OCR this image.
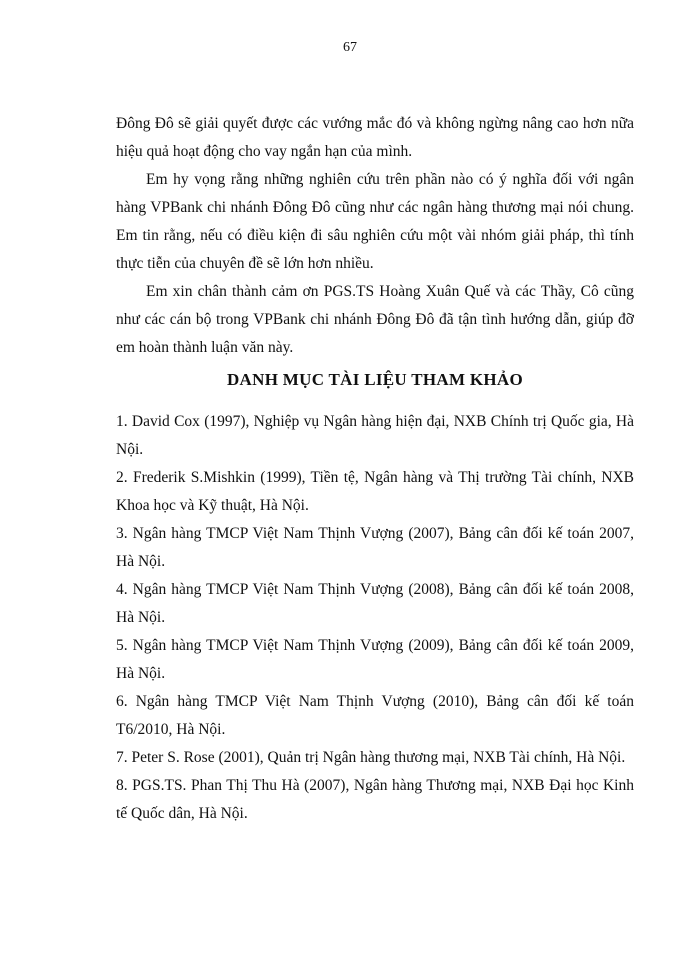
67

Đông Đô sẽ giải quyết được các vướng mắc đó và không ngừng nâng cao hơn nữa hiệu quả hoạt động cho vay ngắn hạn của mình.

Em hy vọng rằng những nghiên cứu trên phần nào có ý nghĩa đối với ngân hàng VPBank chi nhánh Đông Đô cũng như các ngân hàng thương mại nói chung. Em tin rằng, nếu có điều kiện đi sâu nghiên cứu một vài nhóm giải pháp, thì tính thực tiễn của chuyên đề sẽ lớn hơn nhiều.

Em xin chân thành cảm ơn PGS.TS Hoàng Xuân Quế và các Thầy, Cô cũng như các cán bộ trong VPBank chi nhánh Đông Đô đã tận tình hướng dẫn, giúp đỡ em hoàn thành luận văn này.

DANH MỤC TÀI LIỆU THAM KHẢO
1. David Cox (1997), Nghiệp vụ Ngân hàng hiện đại, NXB Chính trị Quốc gia, Hà Nội.
2. Frederik S.Mishkin (1999), Tiền tệ, Ngân hàng và Thị trường Tài chính, NXB Khoa học và Kỹ thuật, Hà Nội.
3. Ngân hàng TMCP Việt Nam Thịnh Vượng (2007), Bảng cân đối kế toán 2007, Hà Nội.
4. Ngân hàng TMCP Việt Nam Thịnh Vượng (2008), Bảng cân đối kế toán 2008, Hà Nội.
5. Ngân hàng TMCP Việt Nam Thịnh Vượng (2009), Bảng cân đối kế toán 2009, Hà Nội.
6. Ngân hàng TMCP Việt Nam Thịnh Vượng (2010), Bảng cân đối kế toán T6/2010, Hà Nội.
7. Peter S. Rose (2001), Quản trị Ngân hàng thương mại, NXB Tài chính, Hà Nội.
8. PGS.TS. Phan Thị Thu Hà (2007), Ngân hàng Thương mại, NXB Đại học Kinh tế Quốc dân, Hà Nội.
